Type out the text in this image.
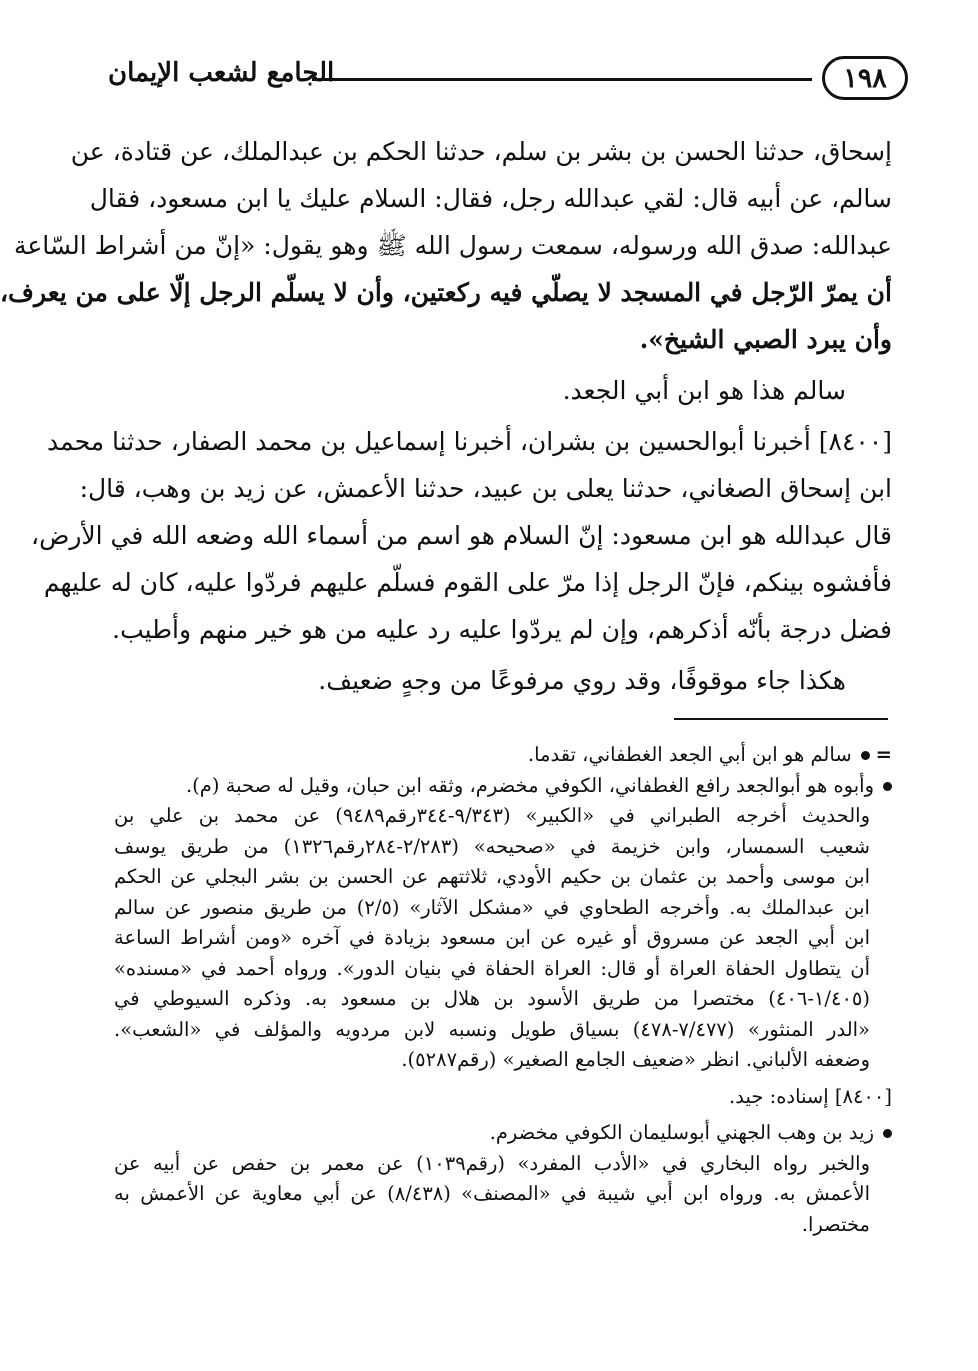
١٩٨
الجامع لشعب الإيمان
إسحاق، حدثنا الحسن بن بشر بن سلم، حدثنا الحكم بن عبدالملك، عن قتادة، عن
سالم، عن أبيه قال: لقي عبدالله رجل، فقال: السلام عليك يا ابن مسعود، فقال
عبدالله: صدق الله ورسوله، سمعت رسول الله ﷺ وهو يقول: «إنّ من أشراط السّاعة
أن يمرّ الرّجل في المسجد لا يصلّي فيه ركعتين، وأن لا يسلّم الرجل إلّا على من يعرف،
وأن يبرد الصبي الشيخ».
سالم هذا هو ابن أبي الجعد.
[٨٤٠٠] أخبرنا أبوالحسين بن بشران، أخبرنا إسماعيل بن محمد الصفار، حدثنا محمد
ابن إسحاق الصغاني، حدثنا يعلى بن عبيد، حدثنا الأعمش، عن زيد بن وهب، قال:
قال عبدالله هو ابن مسعود: إنّ السلام هو اسم من أسماء الله وضعه الله في الأرض،
فأفشوه بينكم، فإنّ الرجل إذا مرّ على القوم فسلّم عليهم فردّوا عليه، كان له عليهم
فضل درجة بأنّه أذكرهم، وإن لم يردّوا عليه رد عليه من هو خير منهم وأطيب.
هكذا جاء موقوفًا، وقد روي مرفوعًا من وجهٍ ضعيف.
=سالم هو ابن أبي الجعد الغطفاني، تقدما.
وأبوه هو أبوالجعد رافع الغطفاني، الكوفي مخضرم، وثقه ابن حبان، وقيل له صحبة (م).
والحديث أخرجه الطبراني في «الكبير» (٩/٣٤٣-٣٤٤رقم٩٤٨٩) عن محمد بن علي بن
شعيب السمسار، وابن خزيمة في «صحيحه» (٢/٢٨٣-٢٨٤رقم١٣٢٦) من طريق يوسف
ابن موسى وأحمد بن عثمان بن حكيم الأودي، ثلاثتهم عن الحسن بن بشر البجلي عن الحكم
ابن عبدالملك به. وأخرجه الطحاوي في «مشكل الآثار» (٢/٥) من طريق منصور عن سالم
ابن أبي الجعد عن مسروق أو غيره عن ابن مسعود بزيادة في آخره «ومن أشراط الساعة
أن يتطاول الحفاة العراة أو قال: العراة الحفاة في بنيان الدور». ورواه أحمد في «مسنده»
(١/٤٠٥-٤٠٦) مختصرا من طريق الأسود بن هلال بن مسعود به. وذكره السيوطي في
«الدر المنثور» (٧/٤٧٧-٤٧٨) بسياق طويل ونسبه لابن مردويه والمؤلف في «الشعب».
وضعفه الألباني. انظر «ضعيف الجامع الصغير» (رقم٥٢٨٧).
[٨٤٠٠] إسناده: جيد.
زيد بن وهب الجهني أبوسليمان الكوفي مخضرم.
والخبر رواه البخاري في «الأدب المفرد» (رقم١٠٣٩) عن معمر بن حفص عن أبيه عن
الأعمش به. ورواه ابن أبي شيبة في «المصنف» (٨/٤٣٨) عن أبي معاوية عن الأعمش به
مختصرا.
